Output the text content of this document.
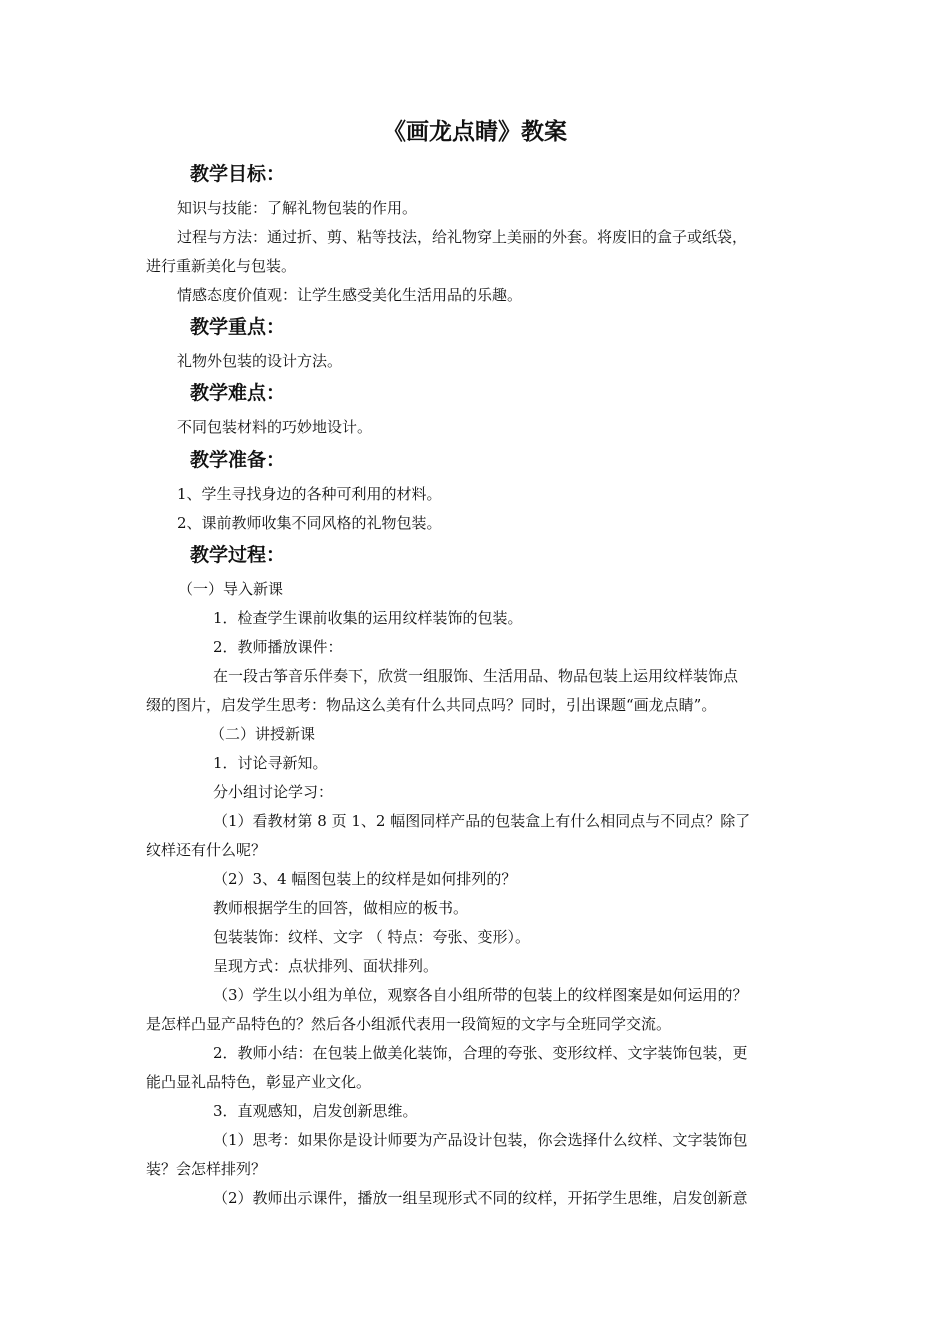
《画龙点睛》教案
教学目标：
知识与技能：了解礼物包装的作用。
过程与方法：通过折、剪、粘等技法，给礼物穿上美丽的外套。将废旧的盒子或纸袋，
进行重新美化与包装。
情感态度价值观：让学生感受美化生活用品的乐趣。
教学重点：
礼物外包装的设计方法。
教学难点：
不同包装材料的巧妙地设计。
教学准备：
1、学生寻找身边的各种可利用的材料。
2、课前教师收集不同风格的礼物包装。
教学过程：
（一）导入新课
1．检查学生课前收集的运用纹样装饰的包装。
2．教师播放课件：
在一段古筝音乐伴奏下，欣赏一组服饰、生活用品、物品包装上运用纹样装饰点
缀的图片，启发学生思考：物品这么美有什么共同点吗？同时，引出课题“画龙点睛”。
（二）讲授新课
1．讨论寻新知。
分小组讨论学习：
（1）看教材第 8 页 1、2 幅图同样产品的包装盒上有什么相同点与不同点？除了
纹样还有什么呢？
（2）3、4 幅图包装上的纹样是如何排列的？
教师根据学生的回答，做相应的板书。
包装装饰：纹样、文字 （ 特点：夸张、变形）。
呈现方式：点状排列、面状排列。
（3）学生以小组为单位，观察各自小组所带的包装上的纹样图案是如何运用的？
是怎样凸显产品特色的？然后各小组派代表用一段简短的文字与全班同学交流。
2．教师小结：在包装上做美化装饰，合理的夸张、变形纹样、文字装饰包装，更
能凸显礼品特色，彰显产业文化。
3．直观感知，启发创新思维。
（1）思考：如果你是设计师要为产品设计包装，你会选择什么纹样、文字装饰包
装？会怎样排列？
（2）教师出示课件，播放一组呈现形式不同的纹样，开拓学生思维，启发创新意
